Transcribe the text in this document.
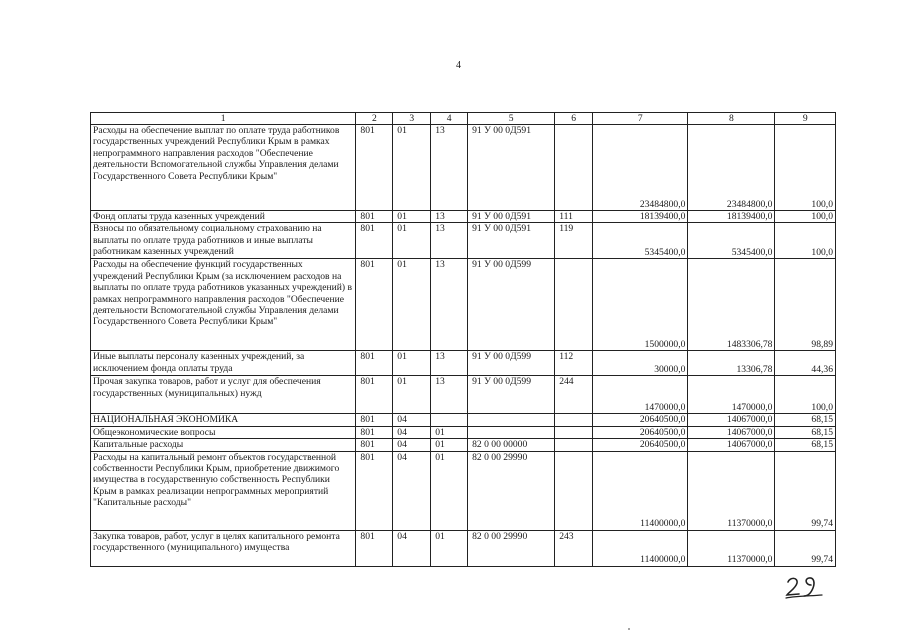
4
1	2	3	4	5	6	7	8	9
Расходы на обеспечение выплат по оплате труда работников государственных учреждений Республики Крым в рамках непрограммного направления расходов "Обеспечение деятельности Вспомогательной службы Управления делами Государственного Совета Республики Крым"	801	01	13	91 У 00 0Д591		23484800,0	23484800,0	100,0
Фонд оплаты труда казенных учреждений	801	01	13	91 У 00 0Д591	111	18139400,0	18139400,0	100,0
Взносы по обязательному социальному страхованию на выплаты по оплате труда работников и иные выплаты работникам казенных учреждений	801	01	13	91 У 00 0Д591	119	5345400,0	5345400,0	100,0
Расходы на обеспечение функций государственных учреждений Республики Крым (за исключением расходов на выплаты по оплате труда работников указанных учреждений) в рамках непрограммного направления расходов "Обеспечение деятельности Вспомогательной службы Управления делами Государственного Совета Республики Крым"	801	01	13	91 У 00 0Д599		1500000,0	1483306,78	98,89
Иные выплаты персоналу казенных учреждений, за исключением фонда оплаты труда	801	01	13	91 У 00 0Д599	112	30000,0	13306,78	44,36
Прочая закупка товаров, работ и услуг для обеспечения государственных (муниципальных) нужд	801	01	13	91 У 00 0Д599	244	1470000,0	1470000,0	100,0
НАЦИОНАЛЬНАЯ ЭКОНОМИКА	801	04				20640500,0	14067000,0	68,15
Общеэкономические вопросы	801	04	01			20640500,0	14067000,0	68,15
Капитальные расходы	801	04	01	82 0 00 00000		20640500,0	14067000,0	68,15
Расходы на капитальный ремонт объектов государственной собственности Республики Крым, приобретение движимого имущества в государственную собственность Республики Крым в рамках реализации непрограммных мероприятий "Капитальные расходы"	801	04	01	82 0 00 29990		11400000,0	11370000,0	99,74
Закупка товаров, работ, услуг в целях капитального ремонта государственного (муниципального) имущества	801	04	01	82 0 00 29990	243	11400000,0	11370000,0	99,74
